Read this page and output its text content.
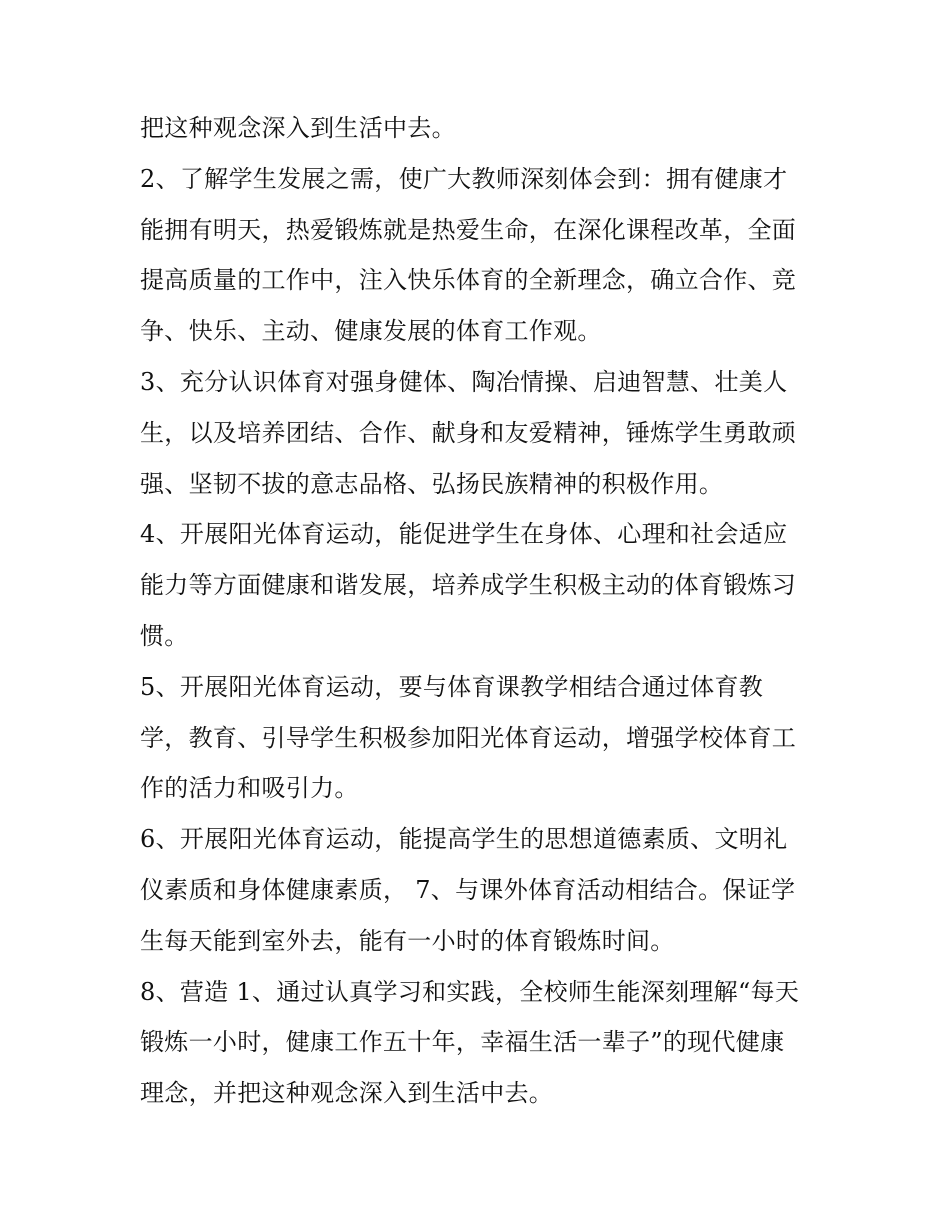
把这种观念深入到生活中去。
2、了解学生发展之需，使广大教师深刻体会到：拥有健康才
能拥有明天，热爱锻炼就是热爱生命，在深化课程改革，全面
提高质量的工作中，注入快乐体育的全新理念，确立合作、竞
争、快乐、主动、健康发展的体育工作观。
3、充分认识体育对强身健体、陶冶情操、启迪智慧、壮美人
生，以及培养团结、合作、献身和友爱精神，锤炼学生勇敢顽
强、坚韧不拔的意志品格、弘扬民族精神的积极作用。
4、开展阳光体育运动，能促进学生在身体、心理和社会适应
能力等方面健康和谐发展，培养成学生积极主动的体育锻炼习
惯。
5、开展阳光体育运动，要与体育课教学相结合通过体育教
学，教育、引导学生积极参加阳光体育运动，增强学校体育工
作的活力和吸引力。
6、开展阳光体育运动，能提高学生的思想道德素质、文明礼
仪素质和身体健康素质， 7、与课外体育活动相结合。保证学
生每天能到室外去，能有一小时的体育锻炼时间。
8、营造 1、通过认真学习和实践，全校师生能深刻理解“每天
锻炼一小时，健康工作五十年，幸福生活一辈子”的现代健康
理念，并把这种观念深入到生活中去。
